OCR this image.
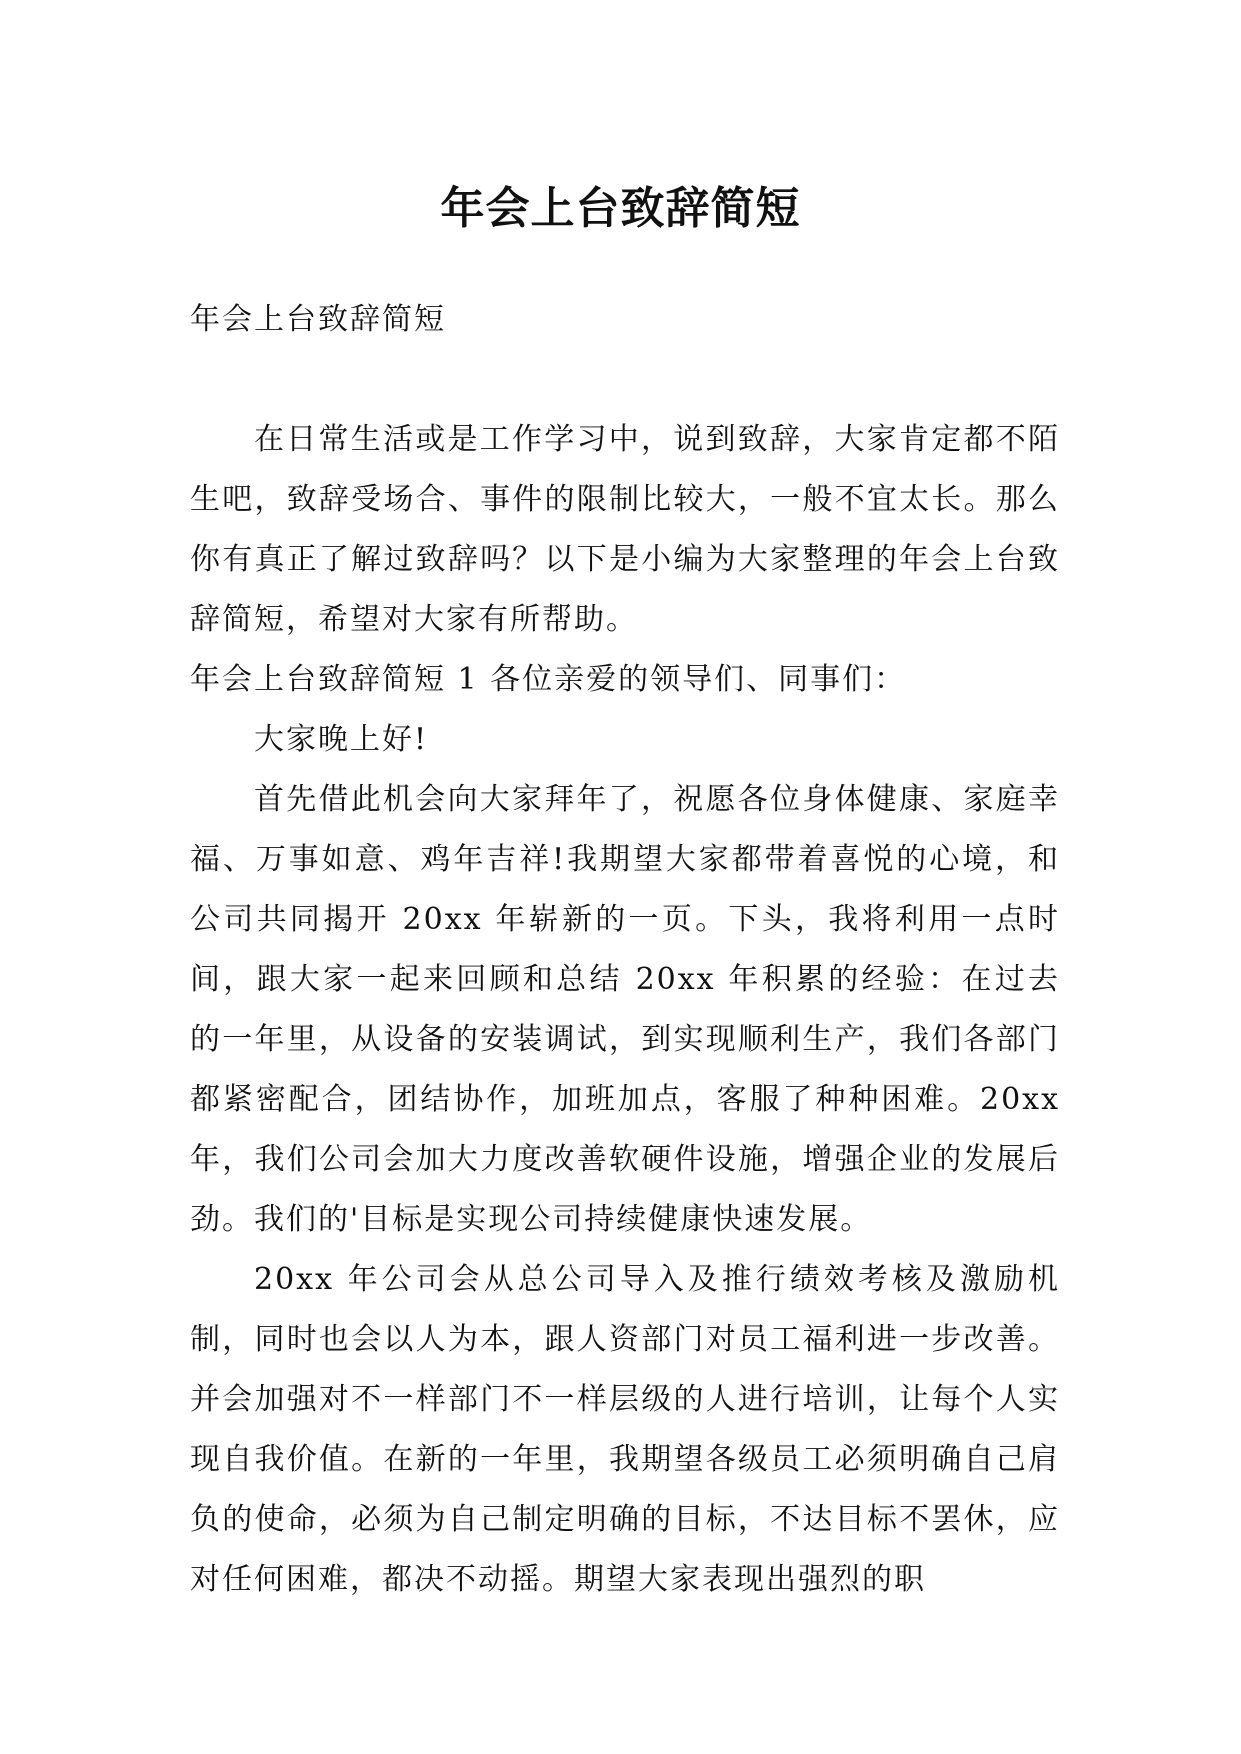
年会上台致辞简短

年会上台致辞简短

在日常生活或是工作学习中，说到致辞，大家肯定都不陌生吧，致辞受场合、事件的限制比较大，一般不宜太长。那么你有真正了解过致辞吗？以下是小编为大家整理的年会上台致辞简短，希望对大家有所帮助。

年会上台致辞简短 1 各位亲爱的领导们、同事们：

大家晚上好!

首先借此机会向大家拜年了，祝愿各位身体健康、家庭幸福、万事如意、鸡年吉祥!我期望大家都带着喜悦的心境，和公司共同揭开 20xx 年崭新的一页。下头，我将利用一点时间，跟大家一起来回顾和总结 20xx 年积累的经验：在过去的一年里，从设备的安装调试，到实现顺利生产，我们各部门都紧密配合，团结协作，加班加点，客服了种种困难。20xx 年，我们公司会加大力度改善软硬件设施，增强企业的发展后劲。我们的'目标是实现公司持续健康快速发展。

20xx 年公司会从总公司导入及推行绩效考核及激励机制，同时也会以人为本，跟人资部门对员工福利进一步改善。并会加强对不一样部门不一样层级的人进行培训，让每个人实现自我价值。在新的一年里，我期望各级员工必须明确自己肩负的使命，必须为自己制定明确的目标，不达目标不罢休，应对任何困难，都决不动摇。期望大家表现出强烈的职
